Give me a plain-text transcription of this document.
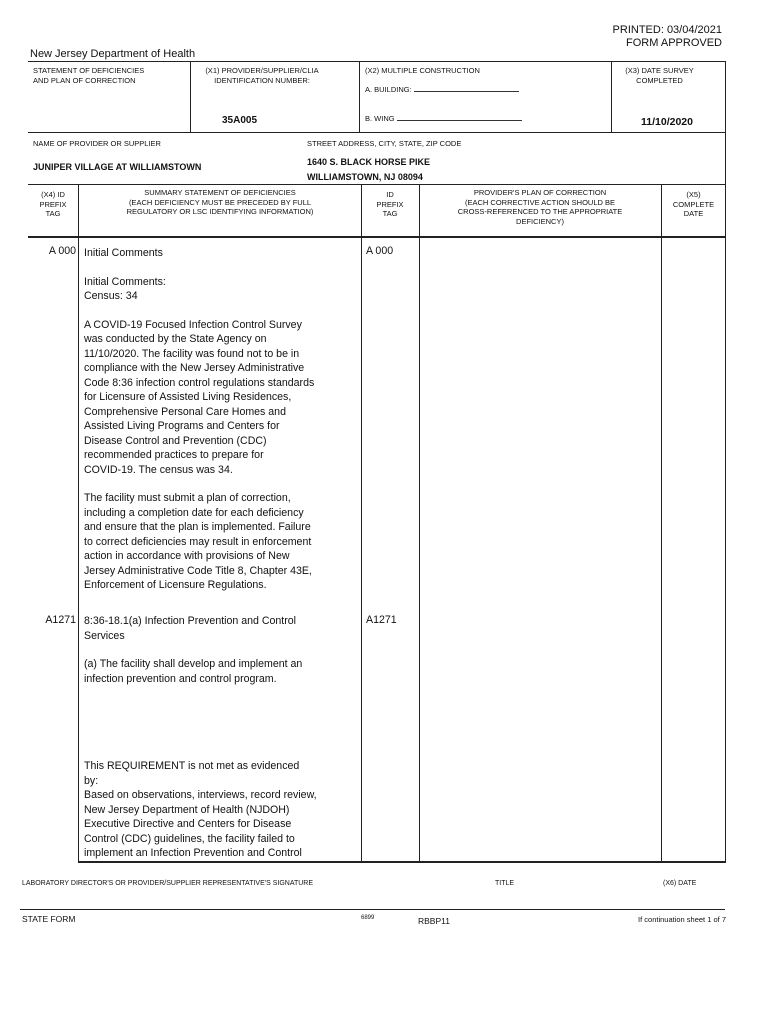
PRINTED: 03/04/2021
FORM APPROVED
New Jersey Department of Health
STATEMENT OF DEFICIENCIES
AND PLAN OF CORRECTION
(X1) PROVIDER/SUPPLIER/CLIA
IDENTIFICATION NUMBER:
35A005
(X2) MULTIPLE CONSTRUCTION
A. BUILDING:
B. WING
(X3) DATE SURVEY
COMPLETED
11/10/2020
NAME OF PROVIDER OR SUPPLIER
JUNIPER VILLAGE AT WILLIAMSTOWN
STREET ADDRESS, CITY, STATE, ZIP CODE
1640 S. BLACK HORSE PIKE
WILLIAMSTOWN, NJ 08094
(X4) ID
PREFIX
TAG
SUMMARY STATEMENT OF DEFICIENCIES
(EACH DEFICIENCY MUST BE PRECEDED BY FULL
REGULATORY OR LSC IDENTIFYING INFORMATION)
ID
PREFIX
TAG
PROVIDER'S PLAN OF CORRECTION
(EACH CORRECTIVE ACTION SHOULD BE
CROSS-REFERENCED TO THE APPROPRIATE
DEFICIENCY)
(X5)
COMPLETE
DATE
A 000	A 000

Initial Comments

Initial Comments:

Census: 34

A COVID-19 Focused Infection Control Survey

was conducted by the State Agency on

11/10/2020. The facility was found not to be in

compliance with the New Jersey Administrative

Code 8:36 infection control regulations standards

for Licensure of Assisted Living Residences,

Comprehensive Personal Care Homes and

Assisted Living Programs and Centers for

Disease Control and Prevention (CDC)

recommended practices to prepare for

COVID-19. The census was 34.

The facility must submit a plan of correction,

including a completion date for each deficiency

and ensure that the plan is implemented. Failure

to correct deficiencies may result in enforcement

action in accordance with provisions of New

Jersey Administrative Code Title 8, Chapter 43E,

Enforcement of Licensure Regulations.

A1271	A1271

8:36-18.1(a) Infection Prevention and Control

Services

(a) The facility shall develop and implement an

infection prevention and control program.

This REQUIREMENT is not met as evidenced

by:

Based on observations, interviews, record review,

New Jersey Department of Health (NJDOH)

Executive Directive and Centers for Disease

Control (CDC) guidelines, the facility failed to

implement an Infection Prevention and Control

LABORATORY DIRECTOR'S OR PROVIDER/SUPPLIER REPRESENTATIVE'S SIGNATURE	TITLE	(X6) DATE
STATE FORM	6899	RBBP11	If continuation sheet 1 of 7
